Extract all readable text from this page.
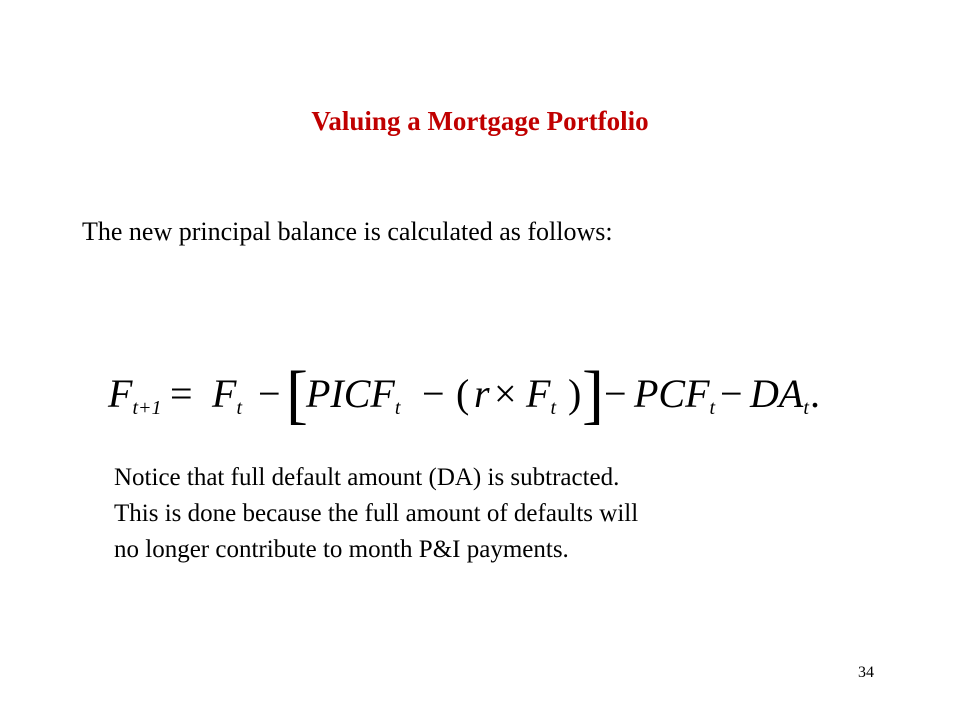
Valuing a Mortgage Portfolio
The new principal balance is calculated as follows:
$F_{t+1} = F_t$ − [
$PICF_t$ − ( $r \times F_t$ ) ] − $PCF_t - DA_t$ .
Notice that full default amount (DA) is subtracted.
This is done because the full amount of defaults will
no longer contribute to month P&I payments.
34
